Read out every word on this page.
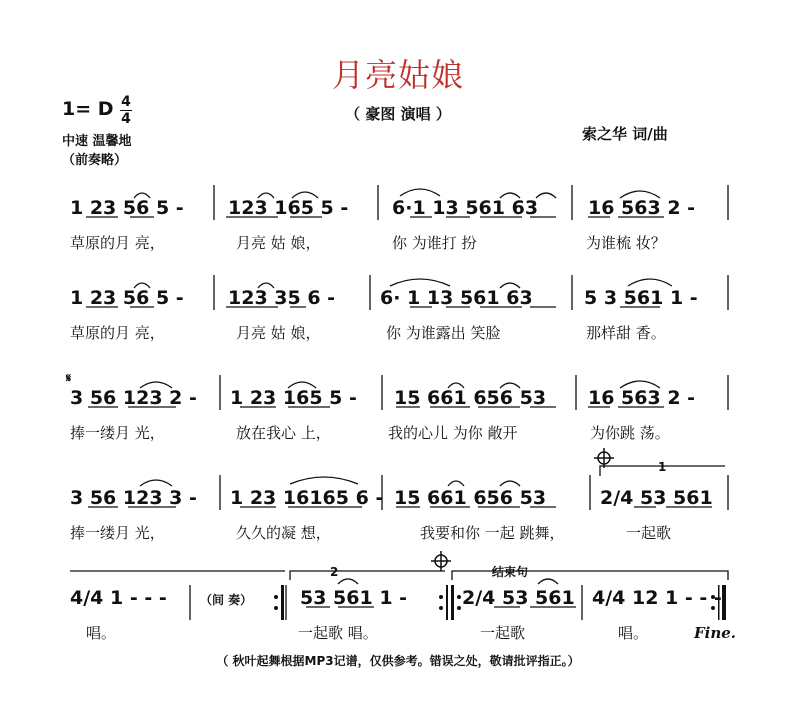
月亮姑娘
（ 豪图 演唱 ）
1= D 4
4
中速 温馨地
（前奏略）
索之华 词/曲
𝄋
1 23 56 5 - 123 165 5 - 6·1 13 561 63	16 563 2 -
1 23 56 5 - 123 35 6 - 6· 1 13 561 63	5 3 561 1 -
3 56 123 2 - 1 23 165 5 - 15 661 656 53 16 563 2 -
3 56 123 3 - 1 23 16165 6 - 15 661 656 53	2/4 53 561
4/4 1 - - -	（间 奏）	53 561 1 -	2/4 53 561 4/4 12 1 - - -
1
2	结束句
草原的月 亮，	月亮 姑 娘，	你 为谁打 扮	为谁梳 妆？
草原的月 亮，	月亮 姑 娘，	你 为谁露出 笑脸	那样甜 香。
捧一缕月 光，	放在我心 上，	我的心儿 为你 敞开	为你跳 荡。
捧一缕月 光，	久久的凝 想，	我要和你 一起 跳舞，	一起歌
唱。	一起歌 唱。	一起歌	唱。	Fine.
（ 秋叶起舞根据MP3记谱，仅供参考。错误之处，敬请批评指正。）
